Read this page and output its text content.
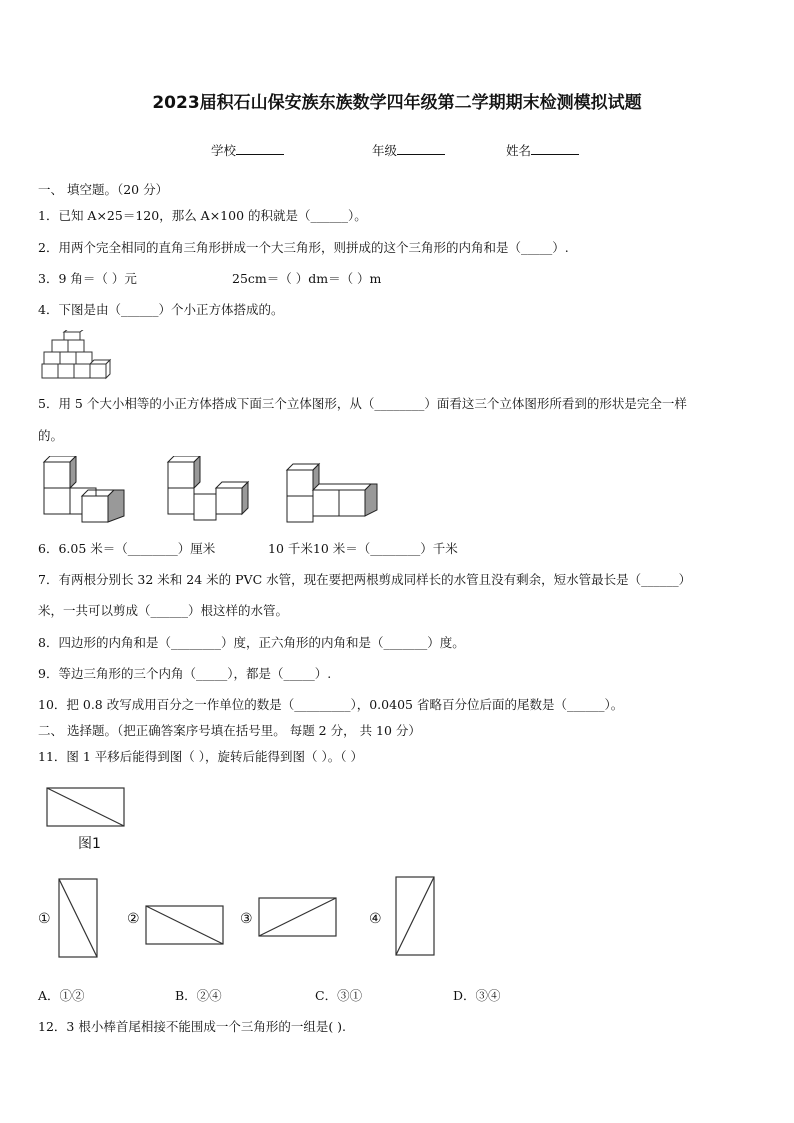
2023届积石山保安族东族数学四年级第二学期期末检测模拟试题
学校	年级	姓名
一、 填空题。（20 分）
1．已知 A×25＝120，那么 A×100 的积就是（______）。
2．用两个完全相同的直角三角形拼成一个大三角形，则拼成的这个三角形的内角和是（_____）.
3．9 角＝（ ）元	25cm＝（ ）dm＝（ ）m
4．下图是由（______）个小正方体搭成的。
5．用 5 个大小相等的小正方体搭成下面三个立体图形，从（________）面看这三个立体图形所看到的形状是完全一样
的。
6．6.05 米＝（________）厘米	10 千米10 米＝（________）千米
7．有两根分别长 32 米和 24 米的 PVC 水管，现在要把两根剪成同样长的水管且没有剩余，短水管最长是（______）
米，一共可以剪成（______）根这样的水管。
8．四边形的内角和是（________）度，正六角形的内角和是（_______）度。
9．等边三角形的三个内角（_____），都是（_____）.
10．把 0.8 改写成用百分之一作单位的数是（_________），0.0405 省略百分位后面的尾数是（______）。
二、 选择题。（把正确答案序号填在括号里。 每题 2 分， 共 10 分）
11．图 1 平移后能得到图（ ），旋转后能得到图（ ）。（ ）
图1
①	②	③	④
A．①②	B．②④	C．③①	D．③④
12．3 根小棒首尾相接不能围成一个三角形的一组是( ).
